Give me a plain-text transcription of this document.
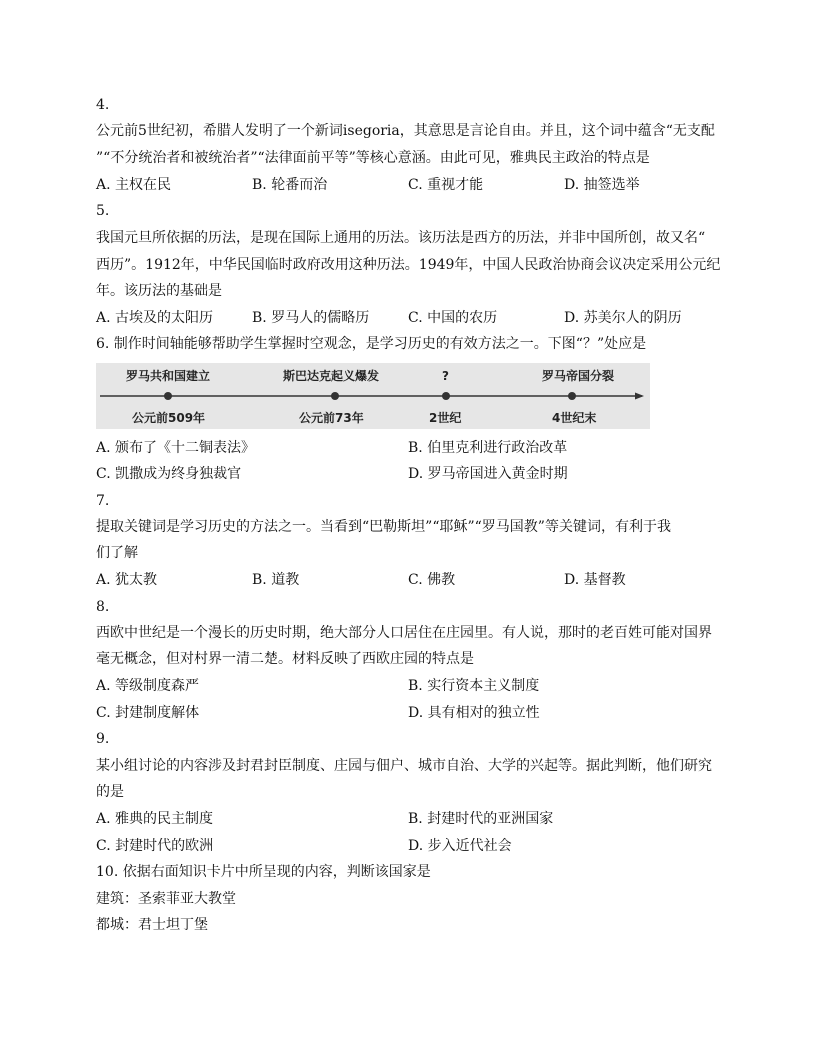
4.
公元前5世纪初，希腊人发明了一个新词isegoria，其意思是言论自由。并且，这个词中蕴含“无支配
”“不分统治者和被统治者”“法律面前平等”等核心意涵。由此可见，雅典民主政治的特点是
A. 主权在民	B. 轮番而治	C. 重视才能	D. 抽签选举
5.
我国元旦所依据的历法，是现在国际上通用的历法。该历法是西方的历法，并非中国所创，故又名“
西历”。1912年，中华民国临时政府改用这种历法。1949年，中国人民政治协商会议决定采用公元纪
年。该历法的基础是
A. 古埃及的太阳历	B. 罗马人的儒略历	C. 中国的农历	D. 苏美尔人的阴历
6. 制作时间轴能够帮助学生掌握时空观念，是学习历史的有效方法之一。下图“？”处应是
罗马共和国建立	斯巴达克起义爆发	?	罗马帝国分裂
公元前509年	公元前73年	2世纪	4世纪末
A. 颁布了《十二铜表法》	B. 伯里克利进行政治改革
C. 凯撒成为终身独裁官	D. 罗马帝国进入黄金时期
7.
提取关键词是学习历史的方法之一。当看到“巴勒斯坦”“耶稣”“罗马国教”等关键词，有利于我
们了解
A. 犹太教	B. 道教	C. 佛教	D. 基督教
8.
西欧中世纪是一个漫长的历史时期，绝大部分人口居住在庄园里。有人说，那时的老百姓可能对国界
毫无概念，但对村界一清二楚。材料反映了西欧庄园的特点是
A. 等级制度森严	B. 实行资本主义制度
C. 封建制度解体	D. 具有相对的独立性
9.
某小组讨论的内容涉及封君封臣制度、庄园与佃户、城市自治、大学的兴起等。据此判断，他们研究
的是
A. 雅典的民主制度	B. 封建时代的亚洲国家
C. 封建时代的欧洲	D. 步入近代社会
10. 依据右面知识卡片中所呈现的内容，判断该国家是
建筑：圣索菲亚大教堂
都城：君士坦丁堡
